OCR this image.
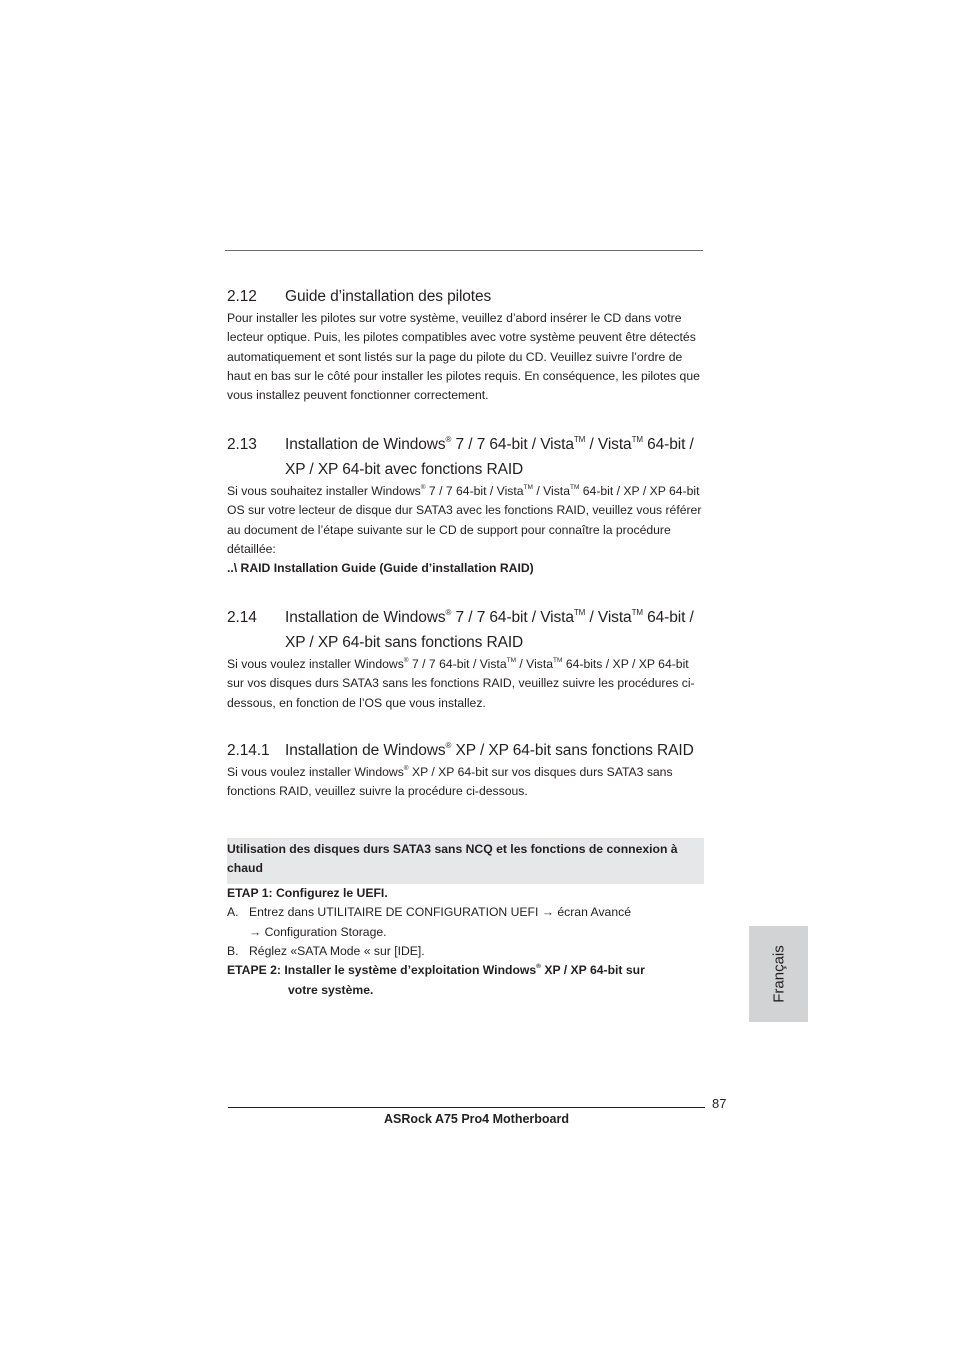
2.12 Guide d’installation des pilotes

Pour installer les pilotes sur votre système, veuillez d’abord insérer le CD dans votre lecteur optique. Puis, les pilotes compatibles avec votre système peuvent être détectés automatiquement et sont listés sur la page du pilote du CD. Veuillez suivre l’ordre de haut en bas sur le côté pour installer les pilotes requis. En conséquence, les pilotes que vous installez peuvent fonctionner correctement.

2.13 Installation de Windows® 7 / 7 64-bit / Vista™ / Vista™ 64-bit / XP / XP 64-bit avec fonctions RAID

Si vous souhaitez installer Windows® 7 / 7 64-bit / Vista™ / Vista™ 64-bit / XP / XP 64-bit OS sur votre lecteur de disque dur SATA3 avec les fonctions RAID, veuillez vous référer au document de l’étape suivante sur le CD de support pour connaître la procédure détaillée:

..\ RAID Installation Guide (Guide d’installation RAID)

2.14 Installation de Windows® 7 / 7 64-bit / Vista™ / Vista™ 64-bit / XP / XP 64-bit sans fonctions RAID

Si vous voulez installer Windows® 7 / 7 64-bit / Vista™ / Vista™ 64-bits / XP / XP 64-bit sur vos disques durs SATA3 sans les fonctions RAID, veuillez suivre les procédures ci-dessous, en fonction de l’OS que vous installez.

2.14.1 Installation de Windows® XP / XP 64-bit sans fonctions RAID

Si vous voulez installer Windows® XP / XP 64-bit sur vos disques durs SATA3 sans fonctions RAID, veuillez suivre la procédure ci-dessous.

Utilisation des disques durs SATA3 sans NCQ et les fonctions de connexion à chaud

ETAP 1: Configurez le UEFI.

A. Entrez dans UTILITAIRE DE CONFIGURATION UEFI → écran Avancé

→ Configuration Storage.

B. Réglez «SATA Mode « sur [IDE].

ETAPE 2: Installer le système d’exploitation Windows® XP / XP 64-bit sur

votre système.	Français
87
ASRock A75 Pro4 Motherboard
